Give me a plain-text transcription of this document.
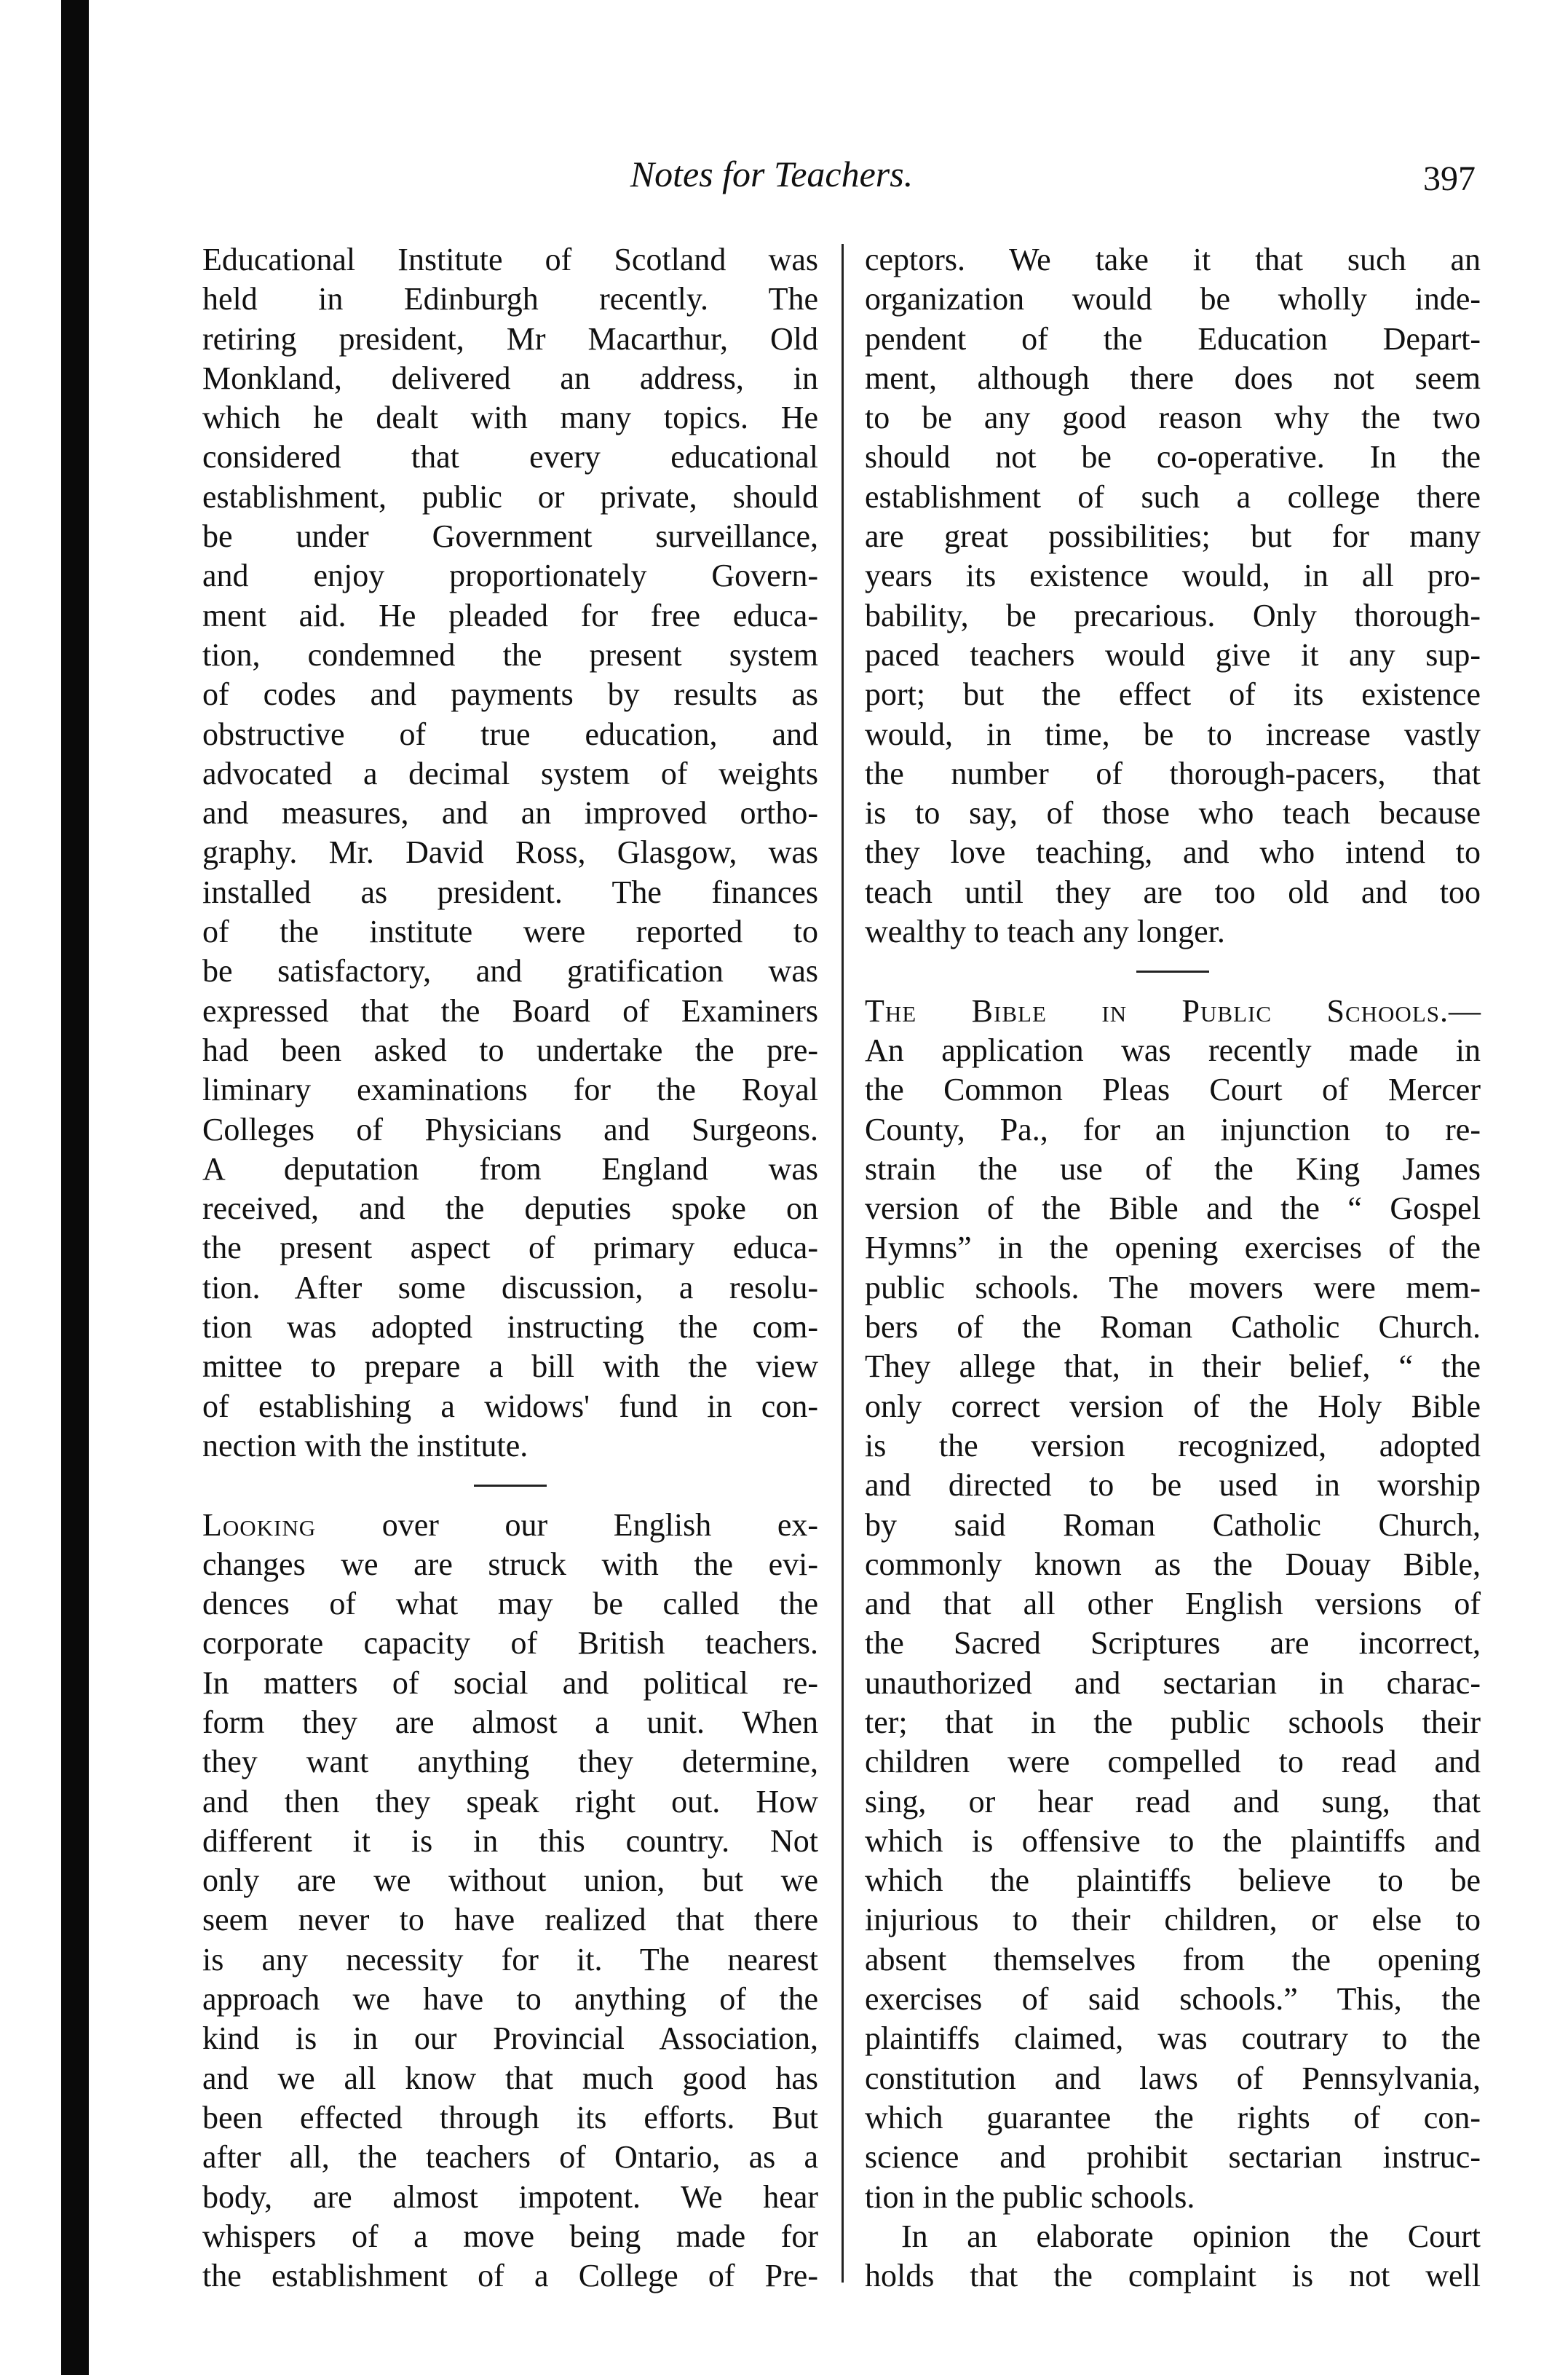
Notes for Teachers.	397
Educational Institute of Scotland was
held in Edinburgh recently. The
retiring president, Mr Macarthur, Old
Monkland, delivered an address, in
which he dealt with many topics. He
considered that every educational
establishment, public or private, should
be under Government surveillance,
and enjoy proportionately Govern-
ment aid. He pleaded for free educa-
tion, condemned the present system
of codes and payments by results as
obstructive of true education, and
advocated a decimal system of weights
and measures, and an improved ortho-
graphy. Mr. David Ross, Glasgow, was
installed as president. The finances
of the institute were reported to
be satisfactory, and gratification was
expressed that the Board of Examiners
had been asked to undertake the pre-
liminary examinations for the Royal
Colleges of Physicians and Surgeons.
A deputation from England was
received, and the deputies spoke on
the present aspect of primary educa-
tion. After some discussion, a resolu-
tion was adopted instructing the com-
mittee to prepare a bill with the view
of establishing a widows' fund in con-
nection with the institute.
Looking over our English ex-
changes we are struck with the evi-
dences of what may be called the
corporate capacity of British teachers.
In matters of social and political re-
form they are almost a unit. When
they want anything they determine,
and then they speak right out. How
different it is in this country. Not
only are we without union, but we
seem never to have realized that there
is any necessity for it. The nearest
approach we have to anything of the
kind is in our Provincial Association,
and we all know that much good has
been effected through its efforts. But
after all, the teachers of Ontario, as a
body, are almost impotent. We hear
whispers of a move being made for
the establishment of a College of Pre-
ceptors. We take it that such an
organization would be wholly inde-
pendent of the Education Depart-
ment, although there does not seem
to be any good reason why the two
should not be co-operative. In the
establishment of such a college there
are great possibilities; but for many
years its existence would, in all pro-
bability, be precarious. Only thorough-
paced teachers would give it any sup-
port; but the effect of its existence
would, in time, be to increase vastly
the number of thorough-pacers, that
is to say, of those who teach because
they love teaching, and who intend to
teach until they are too old and too
wealthy to teach any longer.
The Bible in Public Schools.—
An application was recently made in
the Common Pleas Court of Mercer
County, Pa., for an injunction to re-
strain the use of the King James
version of the Bible and the “ Gospel
Hymns” in the opening exercises of the
public schools. The movers were mem-
bers of the Roman Catholic Church.
They allege that, in their belief, “ the
only correct version of the Holy Bible
is the version recognized, adopted
and directed to be used in worship
by said Roman Catholic Church,
commonly known as the Douay Bible,
and that all other English versions of
the Sacred Scriptures are incorrect,
unauthorized and sectarian in charac-
ter; that in the public schools their
children were compelled to read and
sing, or hear read and sung, that
which is offensive to the plaintiffs and
which the plaintiffs believe to be
injurious to their children, or else to
absent themselves from the opening
exercises of said schools.” This, the
plaintiffs claimed, was coutrary to the
constitution and laws of Pennsylvania,
which guarantee the rights of con-
science and prohibit sectarian instruc-
tion in the public schools.
In an elaborate opinion the Court
holds that the complaint is not well
